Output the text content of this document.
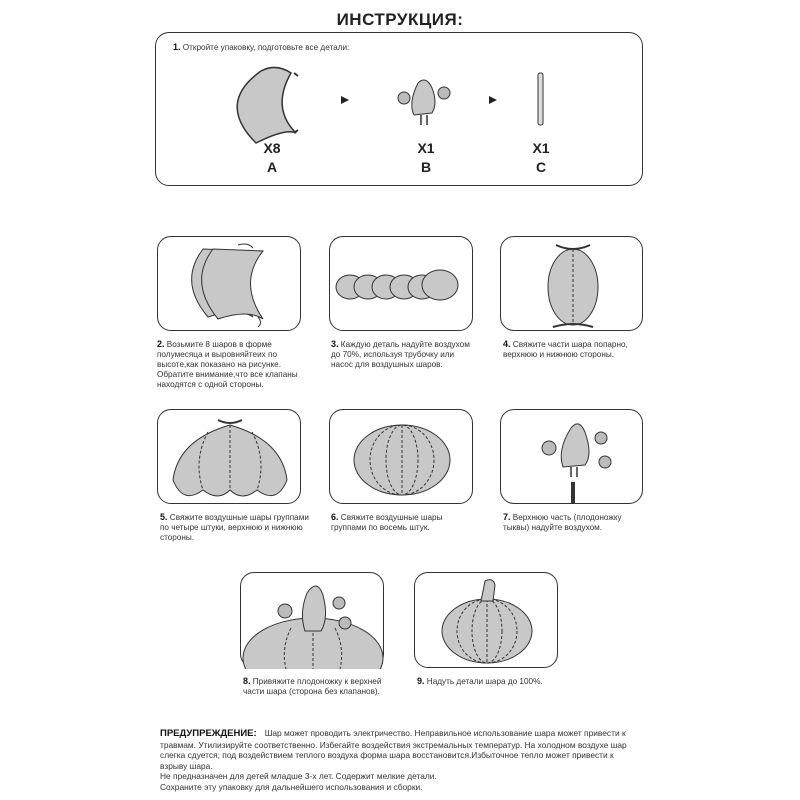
ИНСТРУКЦИЯ:
1. Откройте упаковку, подготовьте все детали:
X8
A
X1
B
X1
C
2. Возьмите 8 шаров в форме полумесяца и выровняйтеих по высоте,как показано на рисунке. Обратите внимание,что все клапаны находятся с одной стороны.
3. Каждую деталь надуйте воздухом до 70%, используя трубочку или насос для воздушных шаров.
4. Свяжите части шара попарно, верхнюю и нижнюю стороны.
5. Свяжите воздушные шары группами по четыре штуки, верхнюю и нижнюю стороны.
6. Свяжите воздушные шары группами по восемь штук.
7. Верхнюю часть (плодоножку тыквы) надуйте воздухом.
8. Привяжите плодоножку к верхней части шара (сторона без клапанов).
9. Надуть детали шара до 100%.
ПРЕДУПРЕЖДЕНИЕ: Шар может проводить электричество. Неправильное использование шара может привести к травмам. Утилизируйте соответственно. Избегайте воздействия экстремальных температур. На холодном воздухе шар слегка сдуется; под воздействием теплого воздуха форма шара восстановится.Избыточное тепло может привести к взрыву шара.
Не предназначен для детей младше 3-х лет. Содержит мелкие детали.
Сохраните эту упаковку для дальнейшего использования и сборки.
